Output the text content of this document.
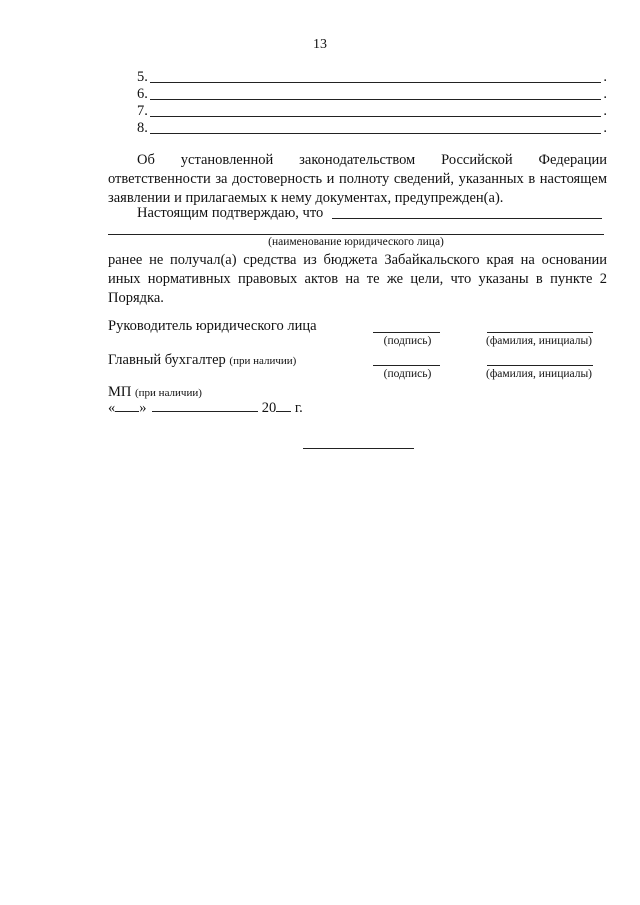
13
5.	.
6.	.
7.	.
8.	.
Об установленной законодательством Российской Федерации ответственности за достоверность и полноту сведений, указанных в настоящем заявлении и прилагаемых к нему документах, предупрежден(а).
Настоящим подтверждаю, что
(наименование юридического лица)
ранее не получал(а) средства из бюджета Забайкальского края на основании иных нормативных правовых актов на те же цели, что указаны в пункте 2 Порядка.
Руководитель юридического лица
(подпись)	(фамилия, инициалы)
Главный бухгалтер (при наличии)
(подпись)	(фамилия, инициалы)
МП (при наличии)
« »	20 г.
